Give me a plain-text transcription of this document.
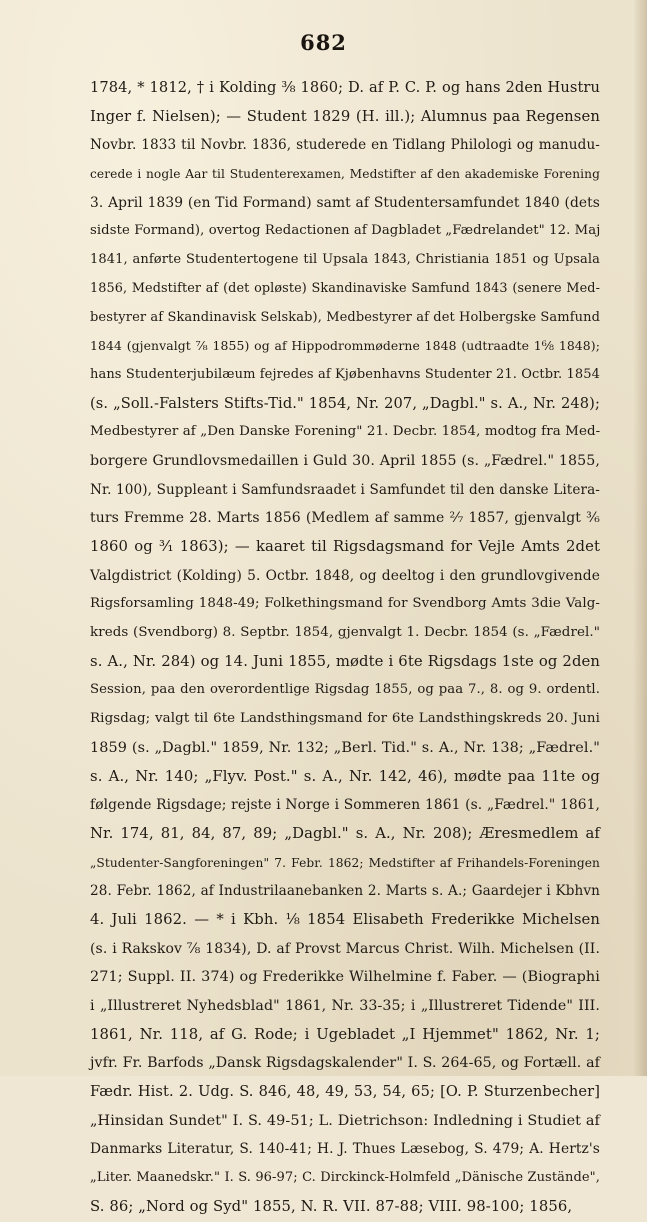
682
1784, * 1812, † i Kolding ⅜ 1860; D. af P. C. P. og hans 2den Hustru
Inger f. Nielsen); — Student 1829 (H. ill.); Alumnus paa Regensen
Novbr. 1833 til Novbr. 1836, studerede en Tidlang Philologi og manudu-
cerede i nogle Aar til Studenterexamen, Medstifter af den akademiske Forening
3. April 1839 (en Tid Formand) samt af Studentersamfundet 1840 (dets
sidste Formand), overtog Redactionen af Dagbladet „Fædrelandet" 12. Maj
1841, anførte Studentertogene til Upsala 1843, Christiania 1851 og Upsala
1856, Medstifter af (det opløste) Skandinaviske Samfund 1843 (senere Med-
bestyrer af Skandinavisk Selskab), Medbestyrer af det Holbergske Samfund
1844 (gjenvalgt ⅞ 1855) og af Hippodrommøderne 1848 (udtraadte 1⁶⁄₈ 1848);
hans Studenterjubilæum fejredes af Kjøbenhavns Studenter 21. Octbr. 1854
(s. „Soll.-Falsters Stifts-Tid." 1854, Nr. 207, „Dagbl." s. A., Nr. 248);
Medbestyrer af „Den Danske Forening" 21. Decbr. 1854, modtog fra Med-
borgere Grundlovsmedaillen i Guld 30. April 1855 (s. „Fædrel." 1855,
Nr. 100), Suppleant i Samfundsraadet i Samfundet til den danske Litera-
turs Fremme 28. Marts 1856 (Medlem af samme ²⁄₇ 1857, gjenvalgt ³⁄₆
1860 og ³⁄₁ 1863); — kaaret til Rigsdagsmand for Vejle Amts 2det
Valgdistrict (Kolding) 5. Octbr. 1848, og deeltog i den grundlovgivende
Rigsforsamling 1848-49; Folkethingsmand for Svendborg Amts 3die Valg-
kreds (Svendborg) 8. Septbr. 1854, gjenvalgt 1. Decbr. 1854 (s. „Fædrel."
s. A., Nr. 284) og 14. Juni 1855, mødte i 6te Rigsdags 1ste og 2den
Session, paa den overordentlige Rigsdag 1855, og paa 7., 8. og 9. ordentl.
Rigsdag; valgt til 6te Landsthingsmand for 6te Landsthingskreds 20. Juni
1859 (s. „Dagbl." 1859, Nr. 132; „Berl. Tid." s. A., Nr. 138; „Fædrel."
s. A., Nr. 140; „Flyv. Post." s. A., Nr. 142, 46), mødte paa 11te og
følgende Rigsdage; rejste i Norge i Sommeren 1861 (s. „Fædrel." 1861,
Nr. 174, 81, 84, 87, 89; „Dagbl." s. A., Nr. 208); Æresmedlem af
„Studenter-Sangforeningen" 7. Febr. 1862; Medstifter af Frihandels-Foreningen
28. Febr. 1862, af Industrilaanebanken 2. Marts s. A.; Gaardejer i Kbhvn
4. Juli 1862. — * i Kbh. ⅛ 1854 Elisabeth Frederikke Michelsen
(s. i Rakskov ⅞ 1834), D. af Provst Marcus Christ. Wilh. Michelsen (II.
271; Suppl. II. 374) og Frederikke Wilhelmine f. Faber. — (Biographi
i „Illustreret Nyhedsblad" 1861, Nr. 33-35; i „Illustreret Tidende" III.
1861, Nr. 118, af G. Rode; i Ugebladet „I Hjemmet" 1862, Nr. 1;
jvfr. Fr. Barfods „Dansk Rigsdagskalender" I. S. 264-65, og Fortæll. af
Fædr. Hist. 2. Udg. S. 846, 48, 49, 53, 54, 65; [O. P. Sturzenbecher]
„Hinsidan Sundet" I. S. 49-51; L. Dietrichson: Indledning i Studiet af
Danmarks Literatur, S. 140-41; H. J. Thues Læsebog, S. 479; A. Hertz's
„Liter. Maanedskr." I. S. 96-97; C. Dirckinck-Holmfeld „Dänische Zustände",
S. 86; „Nord og Syd" 1855, N. R. VII. 87-88; VIII. 98-100; 1856,
